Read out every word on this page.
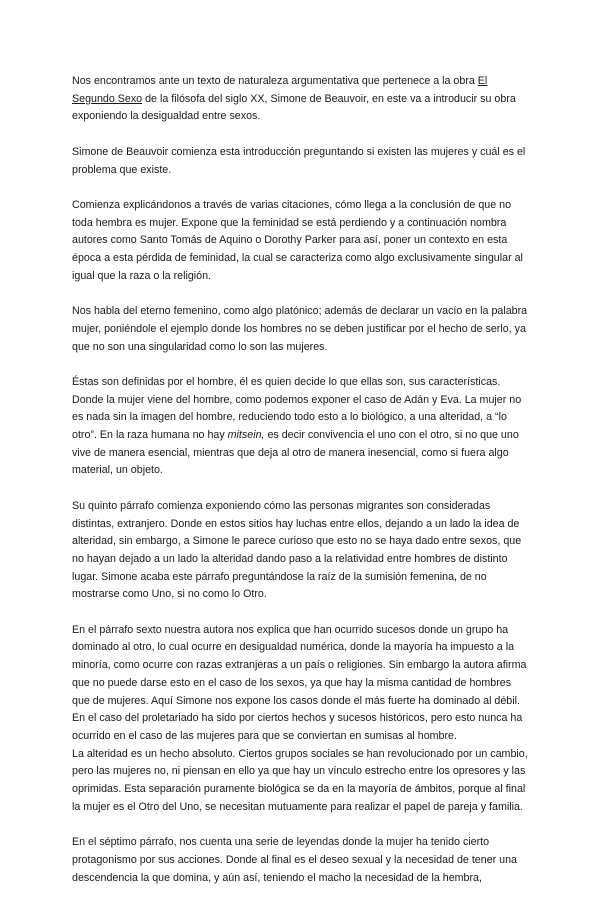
Nos encontramos ante un texto de naturaleza argumentativa que pertenece a la obra El Segundo Sexo de la filósofa del siglo XX, Simone de Beauvoir, en este va a introducir su obra exponiendo la desigualdad entre sexos.

Simone de Beauvoir comienza esta introducción preguntando si existen las mujeres y cuál es el problema que existe.

Comienza explicándonos a través de varias citaciones, cómo llega a la conclusión de que no toda hembra es mujer. Expone que la feminidad se está perdiendo y a continuación nombra autores como Santo Tomás de Aquino o Dorothy Parker para así, poner un contexto en esta época a esta pérdida de feminidad, la cual se caracteriza como algo exclusivamente singular al igual que la raza o la religión.

Nos habla del eterno femenino, como algo platónico; además de declarar un vacío en la palabra mujer, poniéndole el ejemplo donde los hombres no se deben justificar por el hecho de serlo, ya que no son una singularidad como lo son las mujeres.

Éstas son definidas por el hombre, él es quien decide lo que ellas son, sus características. Donde la mujer viene del hombre, como podemos exponer el caso de Adán y Eva. La mujer no es nada sin la imagen del hombre, reduciendo todo esto a lo biológico, a una alteridad, a “lo otro”. En la raza humana no hay mitsein, es decir convivencia el uno con el otro, si no que uno vive de manera esencial, mientras que deja al otro de manera inesencial, como si fuera algo material, un objeto.

Su quinto párrafo comienza exponiendo cómo las personas migrantes son consideradas distintas, extranjero. Donde en estos sitios hay luchas entre ellos, dejando a un lado la idea de alteridad, sin embargo, a Simone le parece curioso que esto no se haya dado entre sexos, que no hayan dejado a un lado la alteridad dando paso a la relatividad entre hombres de distinto lugar. Simone acaba este párrafo preguntándose la raíz de la sumisión femenina, de no mostrarse como Uno, si no como lo Otro.

En el párrafo sexto nuestra autora nos explica que han ocurrido sucesos donde un grupo ha dominado al otro, lo cual ocurre en desigualdad numérica, donde la mayoría ha impuesto a la minoría, como ocurre con razas extranjeras a un país o religiones. Sin embargo la autora afirma que no puede darse esto en el caso de los sexos, ya que hay la misma cantidad de hombres que de mujeres. Aquí Simone nos expone los casos donde el más fuerte ha dominado al débil. En el caso del proletariado ha sido por ciertos hechos y sucesos históricos, pero esto nunca ha ocurrido en el caso de las mujeres para que se conviertan en sumisas al hombre.

La alteridad es un hecho absoluto. Ciertos grupos sociales se han revolucionado por un cambio, pero las mujeres no, ni piensan en ello ya que hay un vínculo estrecho entre los opresores y las oprimidas. Esta separación puramente biológica se da en la mayoría de ámbitos, porque al final la mujer es el Otro del Uno, se necesitan mutuamente para realizar el papel de pareja y familia.

En el séptimo párrafo, nos cuenta una serie de leyendas donde la mujer ha tenido cierto protagonismo por sus acciones. Donde al final es el deseo sexual y la necesidad de tener una descendencia la que domina, y aún así, teniendo el macho la necesidad de la hembra,
